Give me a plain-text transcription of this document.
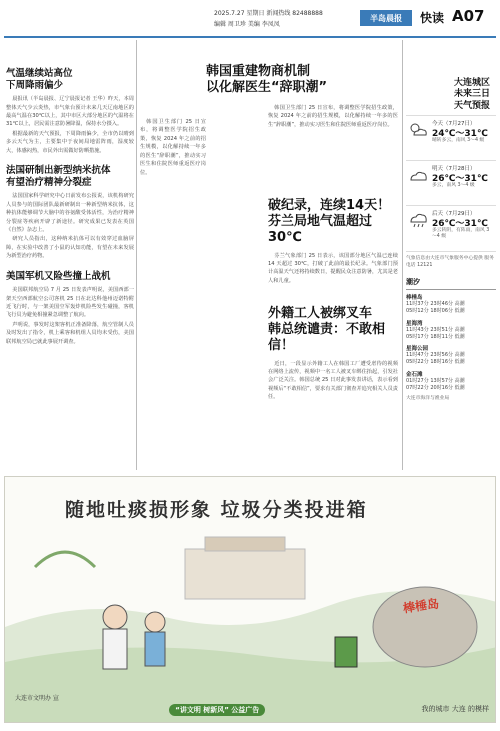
2025.7.27 星期日 新闻热线 82488888
编辑 周卫珍 美编 李凤凤
半岛晨报	快读 A07
气温继续站高位
下周降雨偏少

晨报讯（半岛晨报、辽宁晨报记者 王华）昨天，本周整体天气少云炎热，市气象台预计未来几天辽南地区的最高气温在30℃以上，其中市区大部分地区的气温将在31℃以上，居民需注意防暑降温，保持水分摄入。

根据最新的天气预报，下周降雨偏少，全市仍以晴到多云天气为主，主要集中于夜间局地雷阵雨，湿度较大，体感闷热，市民外出需做好防晒措施。

法国研制出新型纳米抗体
有望治疗精神分裂症

法国国家科学研究中心日前发布公报说，该机构研究人员参与的国际团队最新研制出一种新型纳米抗体，这种抗体能够调节大脑中的谷氨酸受体活性，为治疗精神分裂症等疾病开辟了新途径。研究成果已发表在英国《自然》杂志上。

研究人员指出，这种纳米抗体可以有效穿过血脑屏障，在实验中改善了小鼠的认知功能，有望在未来发展为新型治疗药物。

美国军机又险些撞上战机

美国联邦航空局 7 月 25 日发表声明说，美国西部一架天空西部航空公司客机 25 日在北达科他州迈诺特附近飞行时，与一架美国空军轰炸机险些发生碰撞，客机飞行员为避免相撞紧急调整了航向。

声明说，事发时这架客机正准备降落，航空管制人员及时发出了指令，机上乘客和机组人员均未受伤，美国联邦航空局已就此事展开调查。

韩国卫生部门 25 日宣布，将调整医学院招生政策，恢复 2024 年之前的招生规模，以化解持续一年多的医生“辞职潮”，推动实习医生和住院医师重返医疗岗位。

韩国重建物商机制
以化解医生“辞职潮”

韩国卫生部门 25 日宣布，将调整医学院招生政策，恢复 2024 年之前的招生规模，以化解持续一年多的医生“辞职潮”，推动实习医生和住院医师重返医疗岗位。

破纪录，连续14天！
芬兰局地气温超过30℃

芬兰气象部门 25 日表示，该国部分地区气温已连续 14 天超过 30℃，打破了此前的最长纪录。气象部门预计高温天气还将持续数日，提醒民众注意防暑，尤其是老人和儿童。

外籍工人被绑叉车
韩总统谴责：不敢相信！

近日，一段显示外籍工人在韩国工厂遭受虐待的视频在网络上流传，视频中一名工人被叉车绑住抬起，引发社会广泛关注。韩国总统 25 日对此事发表讲话，表示看到视频后“不敢相信”，要求有关部门彻查并追究相关人员责任。

大连城区
未来三日
天气预报
今天（7月27日）
24℃～31℃
晴转多云，南风 3～4 级
明天（7月28日）
26℃～31℃
多云，南风 3～4 级
后天（7月29日）
26℃～31℃
多云转阴，有阵雨，南风 3～4 级
气象信息由大连市气象服务中心提供 服务电话 12121
潮汐
棒棰岛
11时37分 23时46分 高潮
05时12分 18时06分 低潮
星海湾
11时43分 23时51分 高潮
05时17分 18时11分 低潮
星海公园
11时47分 23时56分 高潮
05时22分 18时16分 低潮
金石滩
01时27分 13时57分 高潮
07时22分 20时16分 低潮
大连市海洋与渔业局
随地吐痰损形象 垃圾分类投进箱
棒棰岛
大连市文明办 宣
“讲文明 树新风” 公益广告	我的城市 大连 的模样
